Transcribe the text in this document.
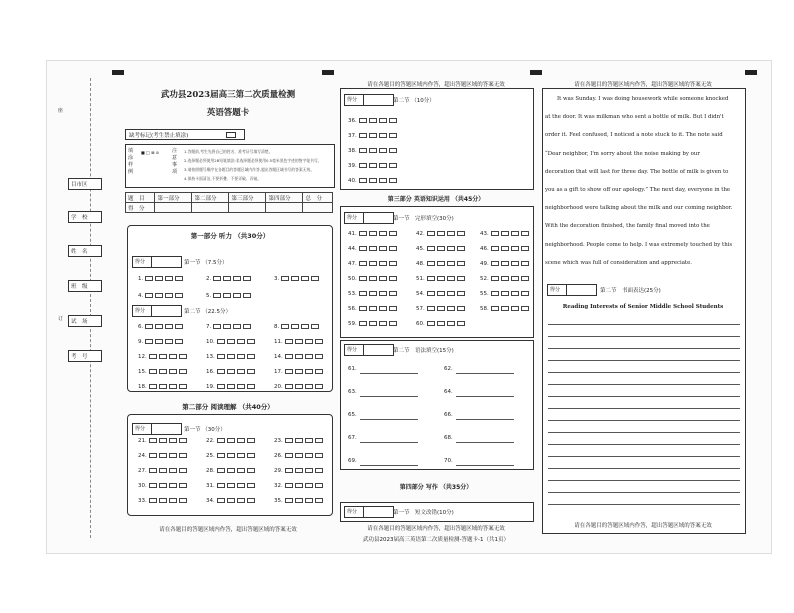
座
订
目市区
学　校
姓　名
班　级
试　场
考　号
武功县2023届高三第二次质量检测
英语答题卡
缺考标记(考生禁止填涂)
填涂样例
■ □ ⊠ ⊘	注意事项
1.答题前,考生先将自己的姓名、准考证号填写清楚。
2.选择题必须使用2B铅笔填涂;非选择题必须使用0.5毫米黑色字迹的签字笔书写。
3.请按照题号顺序在各题目的答题区域内作答,超出答题区域书写的答案无效。
4.保持卡面清洁,不要折叠、不要弄破、弄皱。
题　目	第一部分	第二部分	第三部分	第四部分	总　分
得　分					
第一部分 听力 （共30分）
得分	第一节 （7.5分）
得分	第二节 （22.5分）
1.	2.	3.
4.	5.
6.	7.	8.
9.	10.	11.
12.	13.	14.
15.	16.	17.
18.	19.	20.
第二部分 阅读理解 （共40分）
得分	第一节 （30分）
21.	22.	23.
24.	25.	26.
27.	28.	29.
30.	31.	32.
33.	34.	35.
请在各题目的答题区域内作答，超出答题区域的答案无效
请在各题目的答题区域内作答，超出答题区域的答案无效
得分	第二节 （10分）
36.
37.
38.
39.
40.
第三部分 英语知识运用 （共45分）
得分	第一节　完形填空(30分)
41.	42.	43.
44.	45.	46.
47.	48.	49.
50.	51.	52.
53.	54.	55.
56.	57.	58.
59.	60.
得分	第二节　语法填空(15分)
61.	62.
63.	64.
65.	66.
67.	68.
69.	70.
第四部分 写作 （共35分）
得分	第一节　短文改错(10分)
请在各题目的答题区域内作答，超出答题区域的答案无效
武功县2023届高三英语第二次质量检测-答题卡-1（共1页）
请在各题目的答题区域内作答，超出答题区域的答案无效
It was Sunday. I was doing housework while someone knocked
at the door. It was milkman who sent a bottle of milk. But I didn't
order it. Feel confused, I noticed a note stuck to it. The note said
“Dear neighbor, I'm sorry about the noise making by our
decoration that will last for three day. The bottle of milk is given to
you as a gift to show off our apology.” The next day, everyone in the
neighborhood were talking about the milk and our coming neighbor.
With the decoration finished, the family final moved into the
neighborhood. People come to help. I was extremely touched by this
scene which was full of consideration and appreciate.
得分	第二节　书面表达(25分)
Reading Interests of Senior Middle School Students
请在各题目的答题区域内作答，超出答题区域的答案无效
